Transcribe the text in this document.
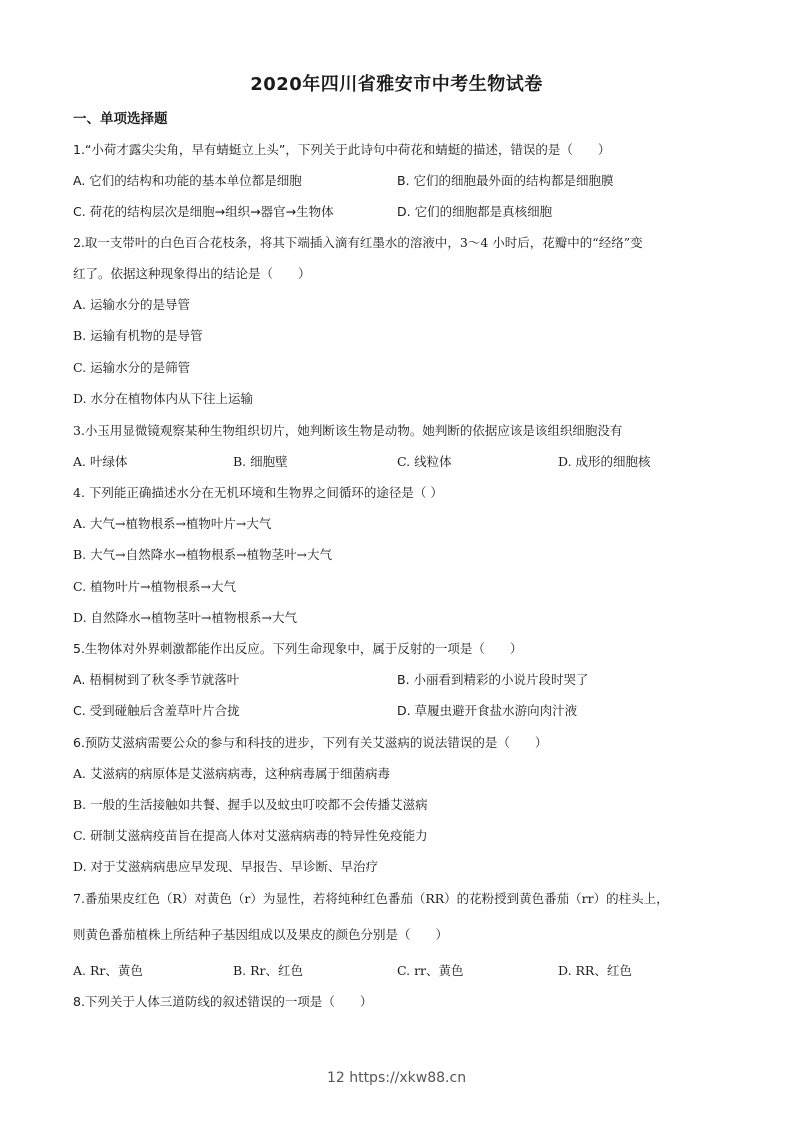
2020年四川省雅安市中考生物试卷
一、单项选择题
1.“小荷才露尖尖角，早有蜻蜓立上头”，下列关于此诗句中荷花和蜻蜓的描述，错误的是（　　）
A. 它们的结构和功能的基本单位都是细胞	B. 它们的细胞最外面的结构都是细胞膜
C. 荷花的结构层次是细胞→组织→器官→生物体	D. 它们的细胞都是真核细胞
2.取一支带叶的白色百合花枝条，将其下端插入滴有红墨水的溶液中，3～4 小时后，花瓣中的“经络”变
红了。依据这种现象得出的结论是（　　）
A. 运输水分的是导管
B. 运输有机物的是导管
C. 运输水分的是筛管
D. 水分在植物体内从下往上运输
3.小玉用显微镜观察某种生物组织切片，她判断该生物是动物。她判断的依据应该是该组织细胞没有
A. 叶绿体	B. 细胞壁	C. 线粒体	D. 成形的细胞核
4. 下列能正确描述水分在无机环境和生物界之间循环的途径是（ ）
A. 大气→植物根系→植物叶片→大气
B. 大气→自然降水→植物根系→植物茎叶→大气
C. 植物叶片→植物根系→大气
D. 自然降水→植物茎叶→植物根系→大气
5.生物体对外界刺激都能作出反应。下列生命现象中，属于反射的一项是（　　）
A. 梧桐树到了秋冬季节就落叶	B. 小丽看到精彩的小说片段时哭了
C. 受到碰触后含羞草叶片合拢	D. 草履虫避开食盐水游向肉汁液
6.预防艾滋病需要公众的参与和科技的进步，下列有关艾滋病的说法错误的是（　　）
A. 艾滋病的病原体是艾滋病病毒，这种病毒属于细菌病毒
B. 一般的生活接触如共餐、握手以及蚊虫叮咬都不会传播艾滋病
C. 研制艾滋病疫苗旨在提高人体对艾滋病病毒的特异性免疫能力
D. 对于艾滋病病患应早发现、早报告、早诊断、早治疗
7.番茄果皮红色（R）对黄色（r）为显性，若将纯种红色番茄（RR）的花粉授到黄色番茄（rr）的柱头上，
则黄色番茄植株上所结种子基因组成以及果皮的颜色分别是（　　）
A. Rr、黄色	B. Rr、红色	C. rr、黄色	D. RR、红色
8.下列关于人体三道防线的叙述错误的一项是（　　）
12 https://xkw88.cn
